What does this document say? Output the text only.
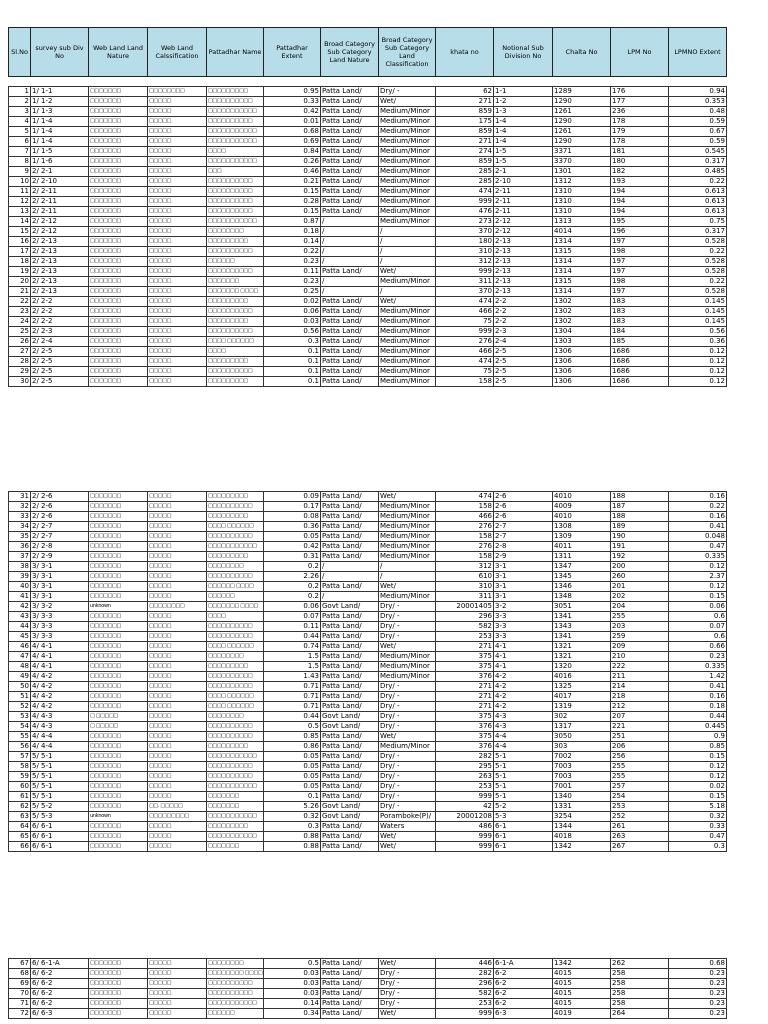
Sl.No	survey sub Div No	Web Land Land Nature	Web Land Calssification	Pattadhar Name	Pattadhar Extent	Broad Category Sub Category Land Nature	Broad Category Sub Category Land Classification	khata no	Notional Sub Division No	Chalta No	LPM No	LPMNO Extent
1	1/ 1-1	□□□□□□□	□□□□□□□□	□□□□□□□□□	0.95	Patta Land/	Dry/ -	62	1-1	1289	176	0.94
2	1/ 1-2	□□□□□□□	□□□□□	□□□□□□□□□□	0.33	Patta Land/	Wet/	271	1-2	1290	177	0.353
3	1/ 1-3	□□□□□□□	□□□□□	□□□□□□□□□□□	0.42	Patta Land/	Medium/Minor	859	1-3	1261	236	0.48
4	1/ 1-4	□□□□□□□	□□□□□	□□□□□□□□□□	0.01	Patta Land/	Medium/Minor	175	1-4	1290	178	0.59
5	1/ 1-4	□□□□□□□	□□□□□	□□□□□□□□□□□	0.68	Patta Land/	Medium/Minor	859	1-4	1261	179	0.67
6	1/ 1-4	□□□□□□□	□□□□□	□□□□□□□□□□□	0.69	Patta Land/	Medium/Minor	271	1-4	1290	178	0.59
7	1/ 1-5	□□□□□□□	□□□□□	□□□□	0.84	Patta Land/	Medium/Minor	274	1-5	3371	181	0.545
8	1/ 1-6	□□□□□□□	□□□□□	□□□□□□□□□□□	0.26	Patta Land/	Medium/Minor	859	1-5	3370	180	0.317
9	2/ 2-1	□□□□□□□	□□□□□	□□□	0.46	Patta Land/	Medium/Minor	285	2-1	1301	182	0.485
10	2/ 2-10	□□□□□□□	□□□□□	□□□□□□□□□□	0.21	Patta Land/	Medium/Minor	285	2-10	1312	193	0.22
11	2/ 2-11	□□□□□□□	□□□□□	□□□□□□□□□□	0.15	Patta Land/	Medium/Minor	474	2-11	1310	194	0.613
12	2/ 2-11	□□□□□□□	□□□□□	□□□□□□□□□□	0.28	Patta Land/	Medium/Minor	999	2-11	1310	194	0.613
13	2/ 2-11	□□□□□□□	□□□□□	□□□□□□□□□□	0.15	Patta Land/	Medium/Minor	476	2-11	1310	194	0.613
14	2/ 2-12	□□□□□□□	□□□□□	□□□□□□□□□□□	0.87	/	Medium/Minor	273	2-12	1313	195	0.75
15	2/ 2-12	□□□□□□□	□□□□□	□□□□□□□□	0.18	/	/	370	2-12	4014	196	0.317
16	2/ 2-13	□□□□□□□	□□□□□	□□□□□□□□□	0.14	/	/	180	2-13	1314	197	0.528
17	2/ 2-13	□□□□□□□	□□□□□	□□□□□□□□□□	0.22	/	/	310	2-13	1315	198	0.22
18	2/ 2-13	□□□□□□□	□□□□□	□□□□□□	0.23	/	/	312	2-13	1314	197	0.528
19	2/ 2-13	□□□□□□□	□□□□□	□□□□□□□□□□	0.11	Patta Land/	Wet/	999	2-13	1314	197	0.528
20	2/ 2-13	□□□□□□□	□□□□□	□□□□□□□	0.23	/	Medium/Minor	311	2-13	1315	198	0.22
21	2/ 2-13	□□□□□□□	□□□□□	□□□□□□□ □□□□	0.25	/	/	370	2-13	1314	197	0.528
22	2/ 2-2	□□□□□□□	□□□□□	□□□□□□□□□	0.02	Patta Land/	Wet/	474	2-2	1302	183	0.145
23	2/ 2-2	□□□□□□□	□□□□□	□□□□□□□□□□	0.06	Patta Land/	Medium/Minor	466	2-2	1302	183	0.145
24	2/ 2-2	□□□□□□□	□□□□□	□□□□□□□□□	0.03	Patta Land/	Medium/Minor	75	2-2	1302	183	0.145
25	2/ 2-3	□□□□□□□	□□□□□	□□□□□□□□□□	0.56	Patta Land/	Medium/Minor	999	2-3	1304	184	0.56
26	2/ 2-4	□□□□□□□	□□□□□	□□□□ □□□□□□	0.3	Patta Land/	Medium/Minor	276	2-4	1303	185	0.36
27	2/ 2-5	□□□□□□□	□□□□□	□□□□	0.1	Patta Land/	Medium/Minor	466	2-5	1306	1686	0.12
28	2/ 2-5	□□□□□□□	□□□□□	□□□□□□□□□	0.1	Patta Land/	Medium/Minor	474	2-5	1306	1686	0.12
29	2/ 2-5	□□□□□□□	□□□□□	□□□□□□□□□□	0.1	Patta Land/	Medium/Minor	75	2-5	1306	1686	0.12
30	2/ 2-5	□□□□□□□	□□□□□	□□□□□□□□□	0.1	Patta Land/	Medium/Minor	158	2-5	1306	1686	0.12
31	2/ 2-6	□□□□□□□	□□□□□	□□□□□□□□□	0.09	Patta Land/	Wet/	474	2-6	4010	188	0.16
32	2/ 2-6	□□□□□□□	□□□□□	□□□□□□□□□□	0.17	Patta Land/	Medium/Minor	158	2-6	4009	187	0.22
33	2/ 2-6	□□□□□□□	□□□□□	□□□□□□□□□	0.08	Patta Land/	Medium/Minor	466	2-6	4010	188	0.16
34	2/ 2-7	□□□□□□□	□□□□□	□□□□ □□□□□□	0.36	Patta Land/	Medium/Minor	276	2-7	1308	189	0.41
35	2/ 2-7	□□□□□□□	□□□□□	□□□□□□□□□□	0.05	Patta Land/	Medium/Minor	158	2-7	1309	190	0.048
36	2/ 2-8	□□□□□□□	□□□□□	□□□□□□□□□□□	0.42	Patta Land/	Medium/Minor	276	2-8	4011	191	0.47
37	2/ 2-9	□□□□□□□	□□□□□	□□□□□□□□□	0.31	Patta Land/	Medium/Minor	158	2-9	1311	192	0.335
38	3/ 3-1	□□□□□□□	□□□□□	□□□□□□□□	0.2	/	/	312	3-1	1347	200	0.12
39	3/ 3-1	□□□□□□□	□□□□□	□□□□□□□□□□	2.26	/	/	610	3-1	1345	260	2.37
40	3/ 3-1	□□□□□□□	□□□□□	□□□□□□ □□□□	0.2	Patta Land/	Wet/	310	3-1	1346	201	0.12
41	3/ 3-1	□□□□□□□	□□□□□	□□□□□□	0.2	/	Medium/Minor	311	3-1	1348	202	0.15
42	3/ 3-2	unknown	□□□□□□□□	□□□□□□□ □□□□	0.06	Govt Land/	Dry/ -	20001405	3-2	3051	204	0.06
43	3/ 3-3	□□□□□□□	□□□□□	□□□□	0.07	Patta Land/	Dry/ -	296	3-3	1341	255	0.6
44	3/ 3-3	□□□□□□□	□□□□□	□□□□□□□□□□	0.11	Patta Land/	Dry/ -	582	3-3	1343	203	0.07
45	3/ 3-3	□□□□□□□	□□□□□	□□□□□□□□□□	0.44	Patta Land/	Dry/ -	253	3-3	1341	259	0.6
46	4/ 4-1	□□□□□□□	□□□□□	□□□□ □□□□□□	0.74	Patta Land/	Wet/	271	4-1	1321	209	0.66
47	4/ 4-1	□□□□□□□	□□□□□	□□□□□□□□	1.5	Patta Land/	Medium/Minor	375	4-1	1321	210	0.23
48	4/ 4-1	□□□□□□□	□□□□□	□□□□□□□□□	1.5	Patta Land/	Medium/Minor	375	4-1	1320	222	0.335
49	4/ 4-2	□□□□□□□	□□□□□	□□□□□□□□□□	1.43	Patta Land/	Medium/Minor	376	4-2	4016	211	1.42
50	4/ 4-2	□□□□□□□	□□□□□	□□□□□□□□□□	0.71	Patta Land/	Dry/ -	271	4-2	1325	214	0.41
51	4/ 4-2	□□□□□□□	□□□□□	□□□□ □□□□□□	0.71	Patta Land/	Dry/ -	271	4-2	4017	218	0.16
52	4/ 4-2	□□□□□□□	□□□□□	□□□□ □□□□□□	0.71	Patta Land/	Dry/ -	271	4-2	1319	212	0.18
53	4/ 4-3	□ □□□□□	□□□□□	□□□□□□□□	0.44	Govt Land/	Dry/ -	375	4-3	302	207	0.44
54	4/ 4-3	□ □□□□□	□□□□□	□□□□□□□□□□	0.5	Govt Land/	Dry/ -	376	4-3	1317	221	0.445
55	4/ 4-4	□□□□□□□	□□□□□	□□□□□□□□□□	0.85	Patta Land/	Wet/	375	4-4	3050	251	0.9
56	4/ 4-4	□□□□□□□	□□□□□	□□□□□□□□□	0.86	Patta Land/	Medium/Minor	376	4-4	303	206	0.85
57	5/ 5-1	□□□□□□□	□□□□□	□□□□□□□□□□□	0.05	Patta Land/	Dry/ -	282	5-1	7002	256	0.15
58	5/ 5-1	□□□□□□□	□□□□□	□□□□□□□□□□	0.05	Patta Land/	Dry/ -	295	5-1	7003	255	0.12
59	5/ 5-1	□□□□□□□	□□□□□	□□□□□□□□□□	0.05	Patta Land/	Dry/ -	263	5-1	7003	255	0.12
60	5/ 5-1	□□□□□□□	□□□□□	□□□□□□□□□□□	0.05	Patta Land/	Dry/ -	253	5-1	7001	257	0.02
61	5/ 5-1	□□□□□□□	□□□□□	□□□□□□□	0.1	Patta Land/	Dry/ -	999	5-1	1340	254	0.15
62	5/ 5-2	□□□□□□□	□□. □□□□□	□□□□□□□	5.26	Govt Land/	Dry/ -	42	5-2	1331	253	5.18
63	5/ 5-3	unknown	□□□□□□□□□	□□□□□□□□□□□	0.32	Govt Land/	Poramboke(P)/	20001208	5-3	3254	252	0.32
64	6/ 6-1	□□□□□□□	□□□□□	□□□□□□□□□	0.3	Patta Land/	Waters	486	6-1	1344	261	0.33
65	6/ 6-1	□□□□□□□	□□□□□	□□□□□□□□□□□	0.88	Patta Land/	Wet/	999	6-1	4018	263	0.47
66	6/ 6-1	□□□□□□□	□□□□□	□□□□□□□	0.88	Patta Land/	Wet/	999	6-1	1342	267	0.3
67	6/ 6-1-A	□□□□□□□	□□□□□	□□□□□□□□	0.5	Patta Land/	Wet/	446	6-1-A	1342	262	0.68
68	6/ 6-2	□□□□□□□	□□□□□	□□□□□□□□ □□□□	0.03	Patta Land/	Dry/ -	282	6-2	4015	258	0.23
69	6/ 6-2	□□□□□□□	□□□□□	□□□□□□□□□□	0.03	Patta Land/	Dry/ -	296	6-2	4015	258	0.23
70	6/ 6-2	□□□□□□□	□□□□□	□□□□□□□□□□	0.03	Patta Land/	Dry/ -	582	6-2	4015	258	0.23
71	6/ 6-2	□□□□□□□	□□□□□	□□□□□□□□□□□	0.14	Patta Land/	Dry/ -	253	6-2	4015	258	0.23
72	6/ 6-3	□□□□□□□	□□□□□	□□□□□□	0.34	Patta Land/	Wet/	999	6-3	4019	264	0.23
